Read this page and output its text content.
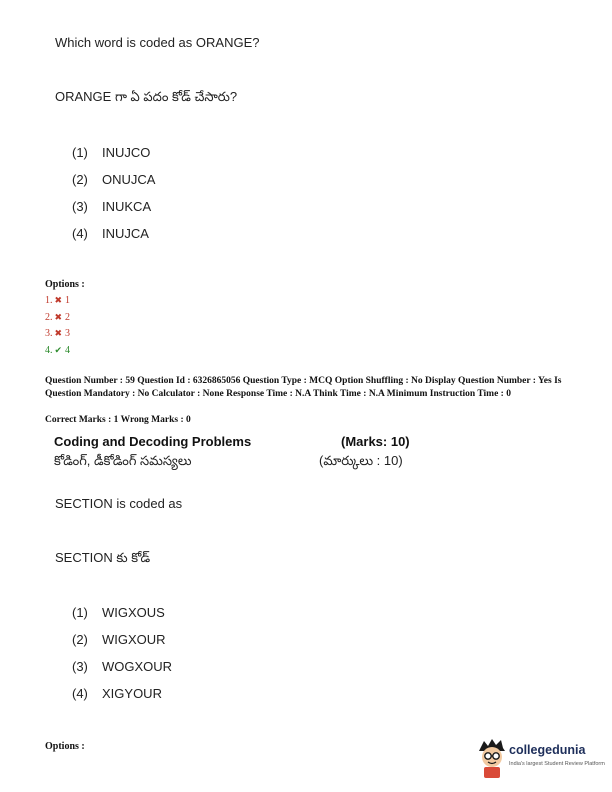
Which word is coded as ORANGE?
ORANGE గా ఏ పదం కోడ్ చేసారు?
(1) INUJCO
(2) ONUJCA
(3) INUKCA
(4) INUJCA
Options :
1. ✖ 1
2. ✖ 2
3. ✖ 3
4. ✔ 4
Question Number : 59 Question Id : 6326865056 Question Type : MCQ Option Shuffling : No Display Question Number : Yes Is Question Mandatory : No Calculator : None Response Time : N.A Think Time : N.A Minimum Instruction Time : 0
Correct Marks : 1 Wrong Marks : 0
Coding and Decoding Problems	(Marks: 10)
కోడింగ్, డీకోడింగ్ సమస్యలు	(మార్కులు : 10)
SECTION is coded as
SECTION కు కోడ్
(1) WIGXOUS
(2) WIGXOUR
(3) WOGXOUR
(4) XIGYOUR
Options :	collegedunia
India's largest Student Review Platform
